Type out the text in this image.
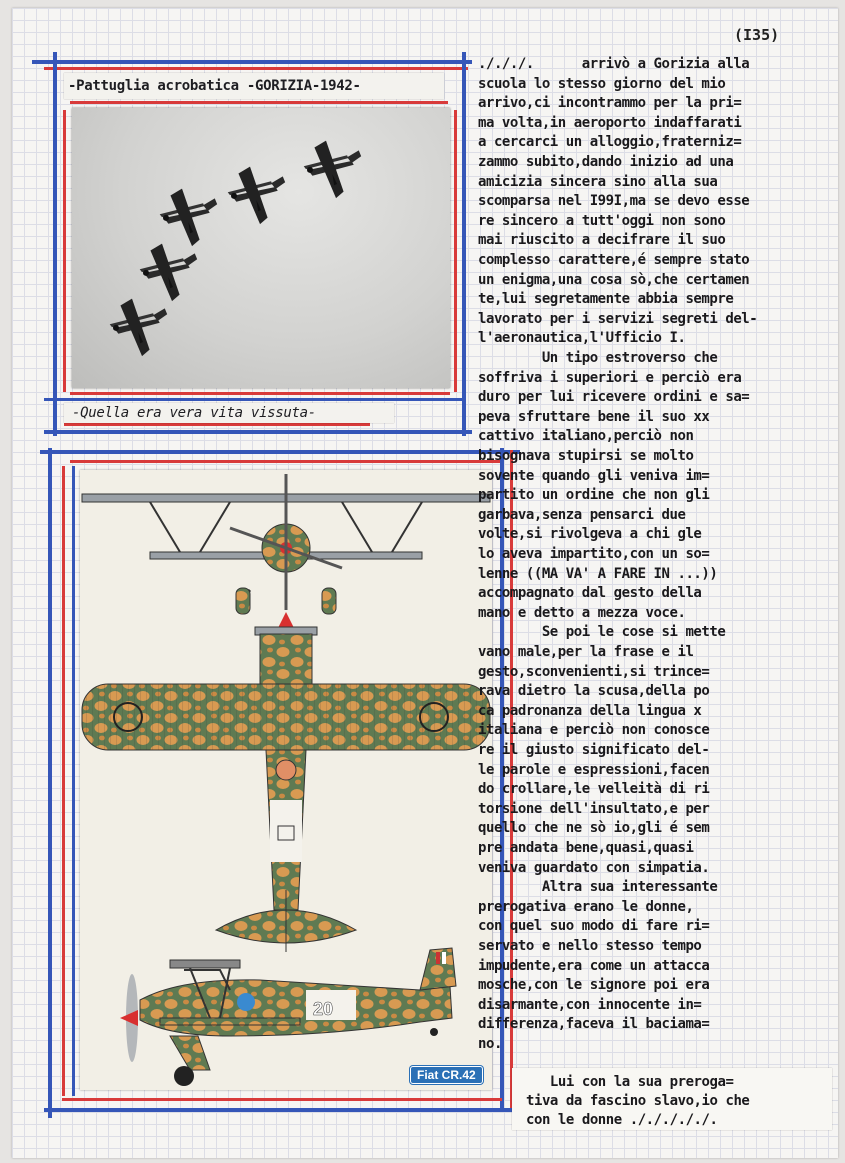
(I35)
-Pattuglia acrobatica -GORIZIA-1942-
-Quella era vera vita vissuta-
20
Fiat CR.42
./././.      arrivò a Gorizia alla
scuola lo stesso giorno del mio
arrivo,ci incontrammo per la pri=
ma volta,in aeroporto indaffarati
a cercarci un alloggio,fraterniz=
zammo subito,dando inizio ad una
amicizia sincera sino alla sua
scomparsa nel I99I,ma se devo esse
re sincero a tutt'oggi non sono
mai riuscito a decifrare il suo
complesso carattere,é sempre stato
un enigma,una cosa sò,che certamen
te,lui segretamente abbia sempre
lavorato per i servizi segreti del-
l'aeronautica,l'Ufficio I.
Un tipo estroverso che
soffriva i superiori e perciò era
duro per lui ricevere ordini e sa=
peva sfruttare bene il suo xx
cattivo italiano,perciò non
bisognava stupirsi se molto
sovente quando gli veniva im=
partito un ordine che non gli
garbava,senza pensarci due
volte,si rivolgeva a chi gle
lo aveva impartito,con un so=
lenne ((MA VA' A FARE IN ...))
accompagnato dal gesto della
mano e detto a mezza voce.
Se poi le cose si mette
vano male,per la frase e il
gesto,sconvenienti,si trince=
rava dietro la scusa,della po
ca padronanza della lingua x
italiana e perciò non conosce
re il giusto significato del-
le parole e espressioni,facen
do crollare,le velleità di ri
torsione dell'insultato,e per
quello che ne sò io,gli é sem
pre andata bene,quasi,quasi
veniva guardato con simpatia.
Altra sua interessante
prerogativa erano le donne,
con quel suo modo di fare ri=
servato e nello stesso tempo
impudente,era come un attacca
mosche,con le signore poi era
disarmante,con innocente in=
differenza,faceva il baciama=
no.
Lui con la sua preroga=
tiva da fascino slavo,io che
con le donne ./././././.
